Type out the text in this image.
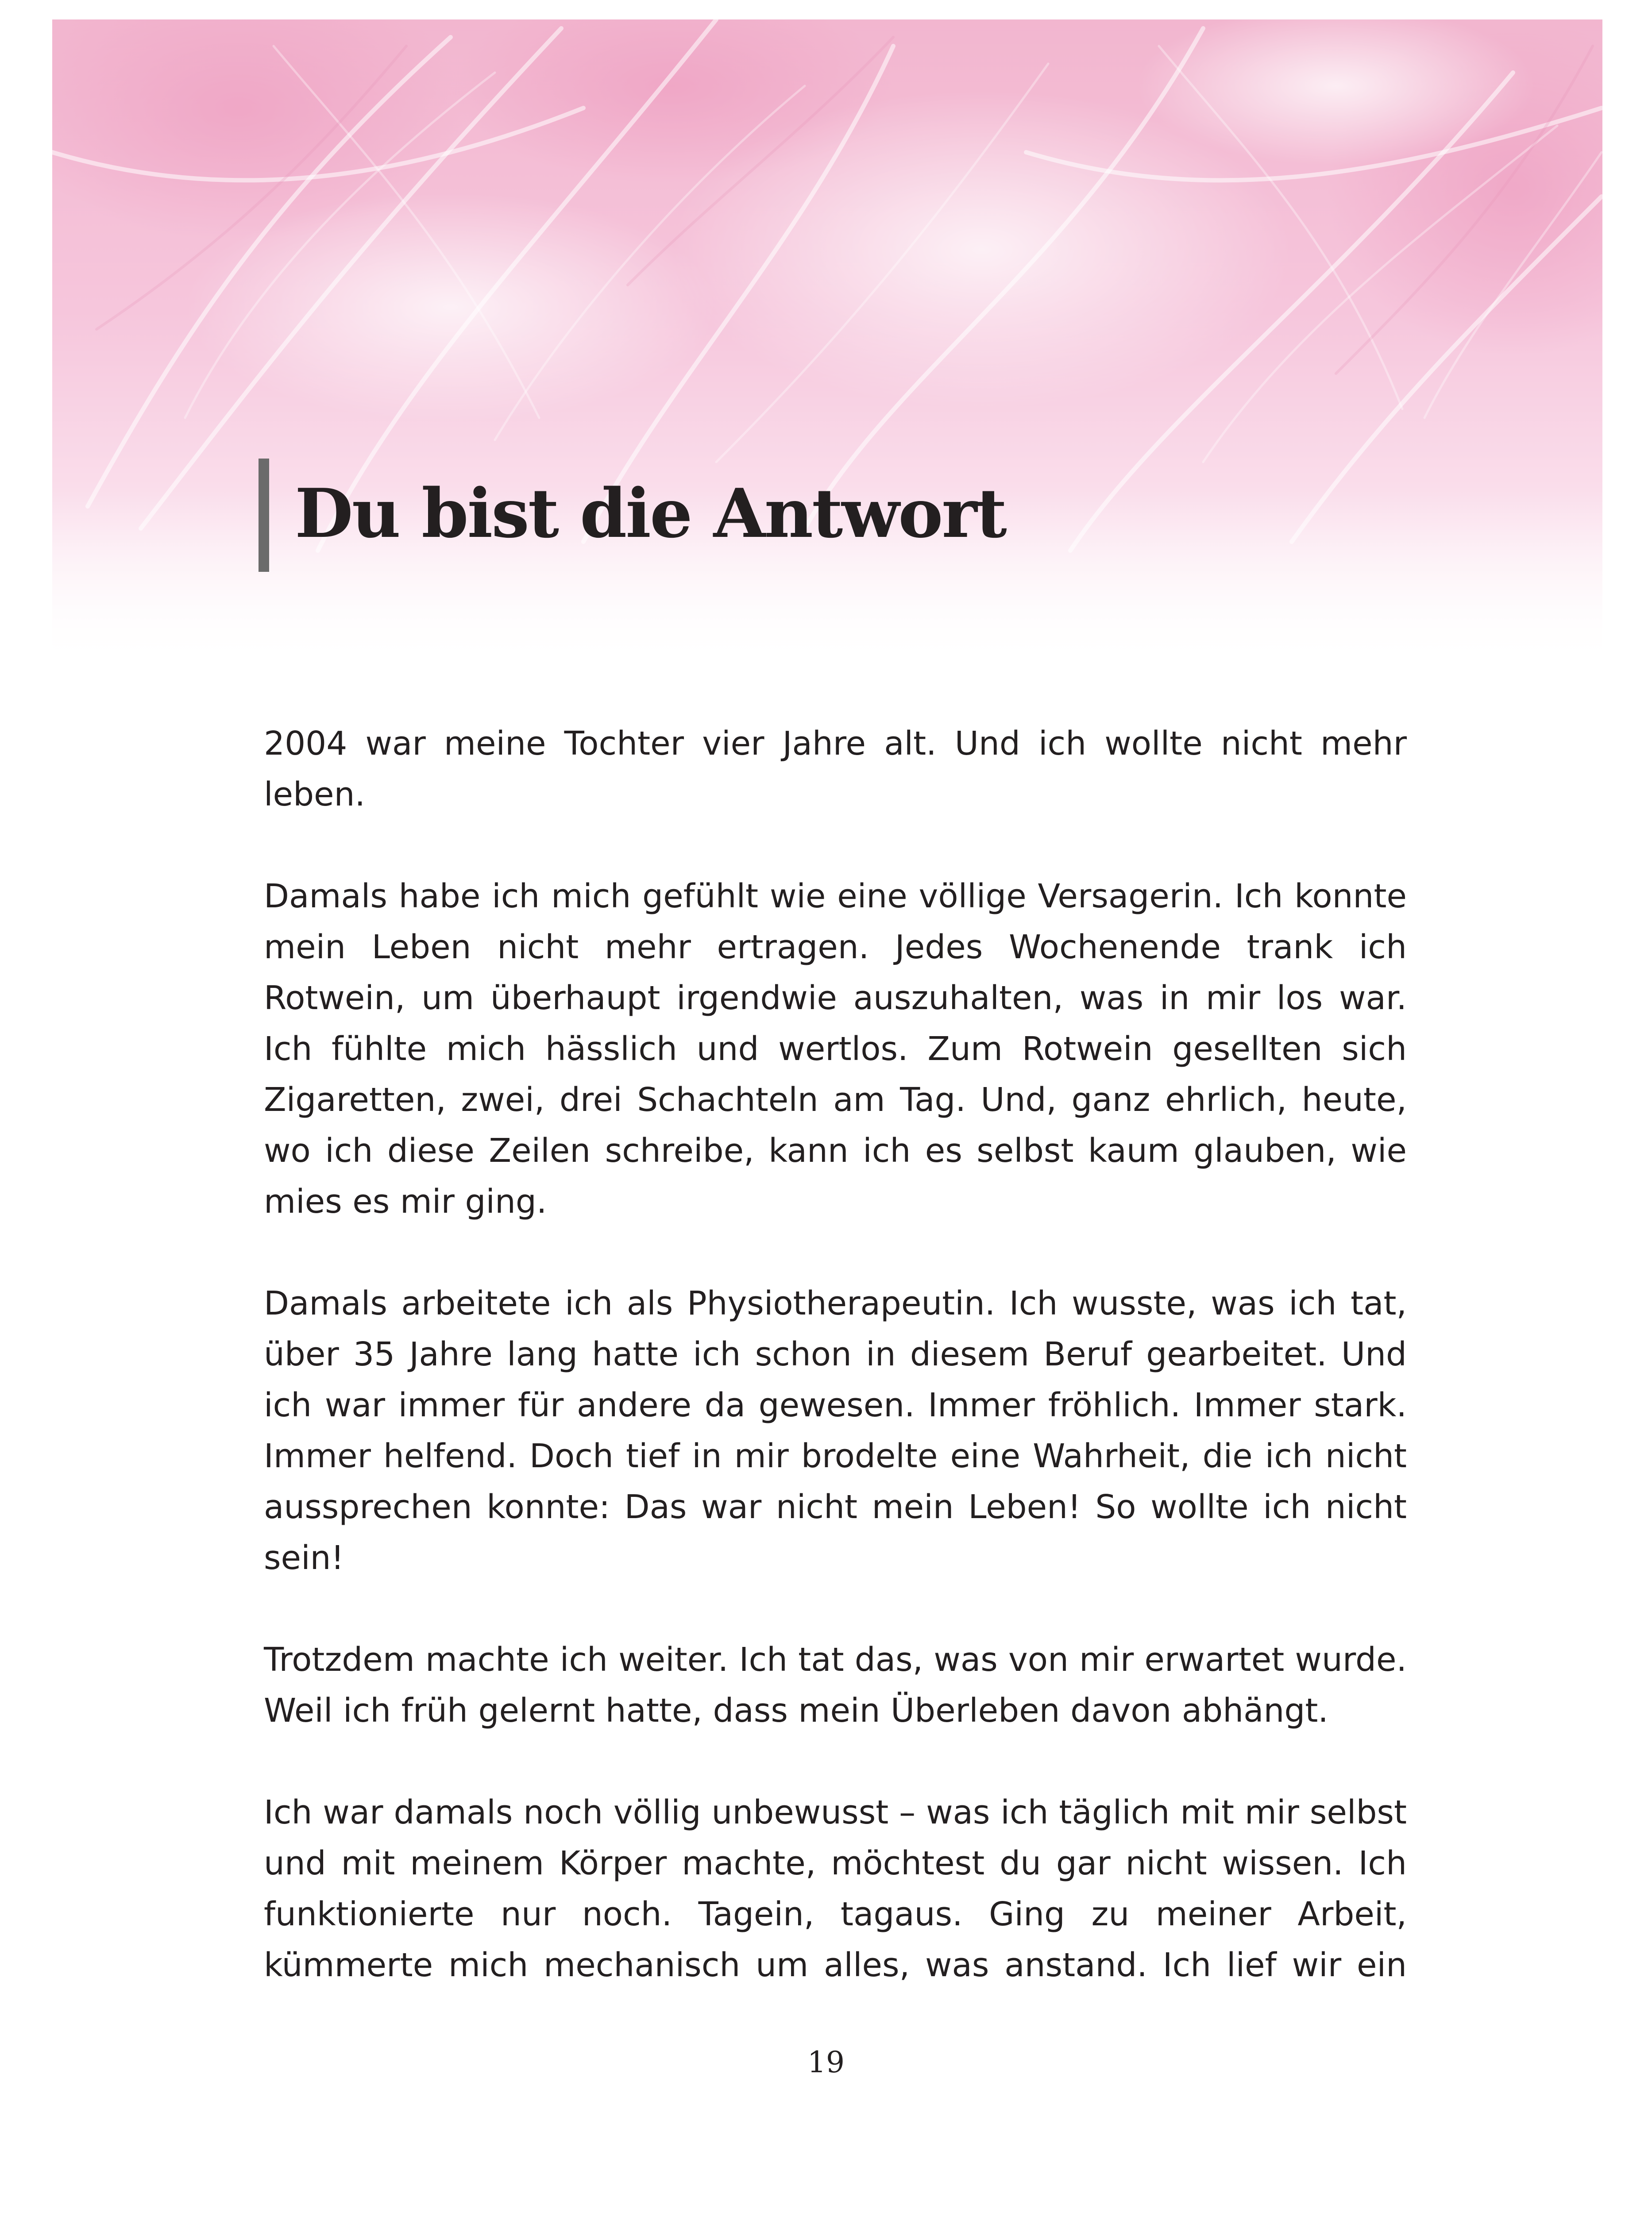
Du bist die Antwort

2004 war meine Tochter vier Jahre alt. Und ich wollte nicht mehr leben.

Damals habe ich mich gefühlt wie eine völlige Versagerin. Ich konnte mein Leben nicht mehr ertragen. Jedes Wochenende trank ich Rotwein, um überhaupt irgendwie auszuhalten, was in mir los war. Ich fühlte mich hässlich und wertlos. Zum Rotwein gesellten sich Zigaretten, zwei, drei Schachteln am Tag. Und, ganz ehrlich, heute, wo ich diese Zeilen schreibe, kann ich es selbst kaum glauben, wie mies es mir ging.

Damals arbeitete ich als Physiotherapeutin. Ich wusste, was ich tat, über 35 Jahre lang hatte ich schon in diesem Beruf gearbeitet. Und ich war immer für andere da gewesen. Immer fröhlich. Immer stark. Immer helfend. Doch tief in mir brodelte eine Wahrheit, die ich nicht aussprechen konnte: Das war nicht mein Leben! So wollte ich nicht sein!

Trotzdem machte ich weiter. Ich tat das, was von mir erwartet wurde. Weil ich früh gelernt hatte, dass mein Überleben davon abhängt.

Ich war damals noch völlig unbewusst – was ich täglich mit mir selbst und mit meinem Körper machte, möchtest du gar nicht wissen. Ich funktionierte nur noch. Tagein, tagaus. Ging zu meiner Arbeit, kümmerte mich mechanisch um alles, was anstand. Ich lief wir ein

19
